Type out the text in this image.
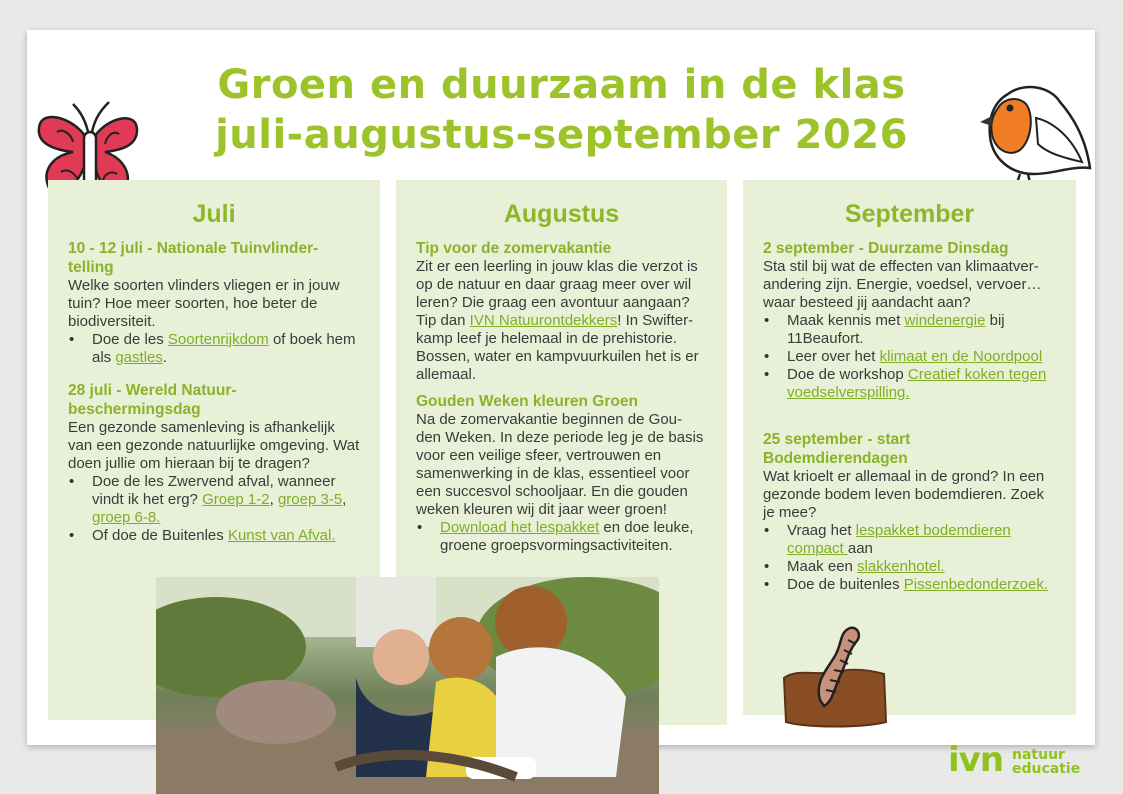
Groen en duurzaam in de klas
juli-augustus-september 2026
Juli
10 - 12 juli - Nationale Tuinvlinder-telling
Welke soorten vlinders vliegen er in jouw tuin? Hoe meer soorten, hoe beter de biodiversiteit.
• Doe de les Soortenrijkdom of boek hem als gastles.
28 juli - Wereld Natuur-beschermingsdag
Een gezonde samenleving is afhankelijk van een gezonde natuurlijke omgeving. Wat doen jullie om hieraan bij te dragen?
• Doe de les Zwervend afval, wanneer vindt ik het erg? Groep 1-2, groep 3-5, groep 6-8.
• Of doe de Buitenles Kunst van Afval.
Augustus
Tip voor de zomervakantie
Zit er een leerling in jouw klas die verzot is op de natuur en daar graag meer over wil leren? Die graag een avontuur aangaan? Tip dan IVN Natuurontdekkers! In Swifter-kamp leef je helemaal in de prehistorie. Bossen, water en kampvuurkuilen het is er allemaal.
Gouden Weken kleuren Groen
Na de zomervakantie beginnen de Gou-den Weken. In deze periode leg je de basis voor een veilige sfeer, vertrouwen en samenwerking in de klas, essentieel voor een succesvol schooljaar. En die gouden weken kleuren wij dit jaar weer groen!
• Download het lespakket en doe leuke, groene groepsvormingsactiviteiten.
September
2 september - Duurzame Dinsdag
Sta stil bij wat de effecten van klimaatver-andering zijn. Energie, voedsel, vervoer… waar besteed jij aandacht aan?
• Maak kennis met windenergie bij 11Beaufort.
• Leer over het klimaat en de Noordpool
• Doe de workshop Creatief koken tegen voedselverspilling.
25 september - start Bodemdierendagen
Wat krioelt er allemaal in de grond? In een gezonde bodem leven bodemdieren. Zoek je mee?
• Vraag het lespakket bodemdieren compact aan
• Maak een slakkenhotel.
• Doe de buitenles Pissenbedonderzoek.
ivn natuur
educatie
